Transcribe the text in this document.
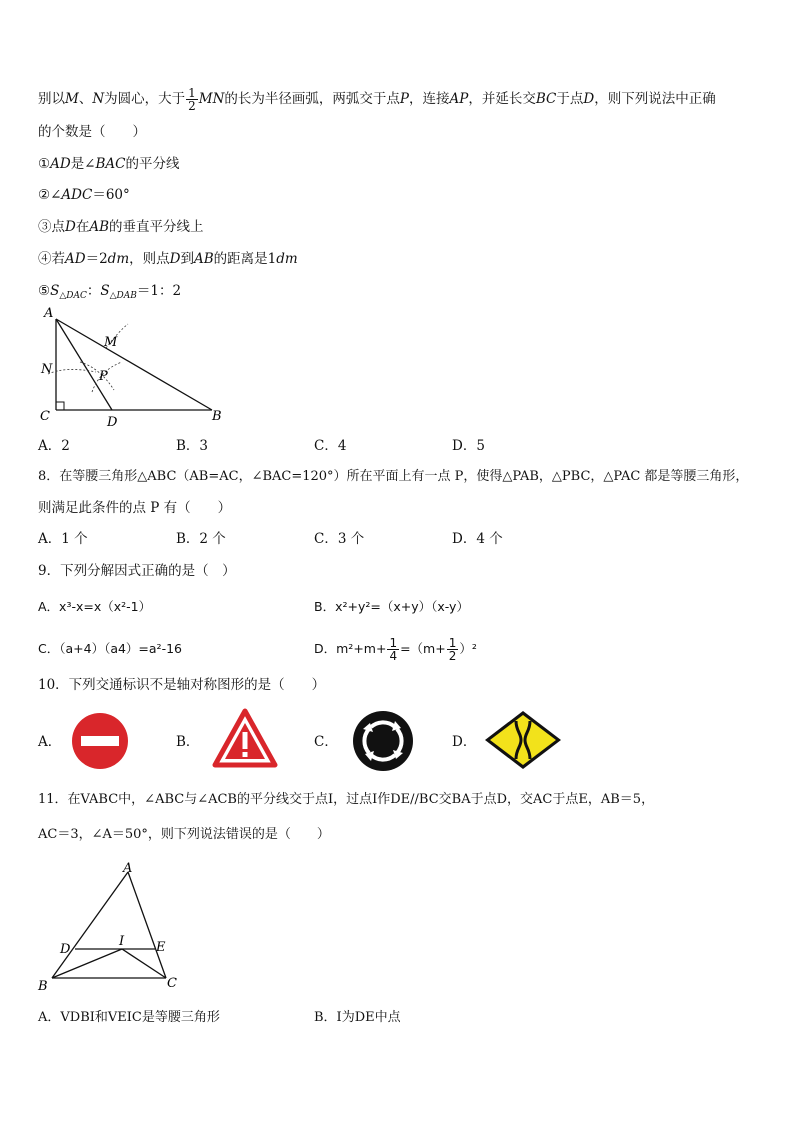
别以M、N为圆心，大于 $\frac{1}{2}$ MN的长为半径画弧，两弧交于点P，连接AP，并延长交BC于点D，则下列说法中正确
的个数是（　　）
①AD是∠BAC的平分线
②∠ADC＝60°
③点D在AB的垂直平分线上
④若AD＝2dm，则点D到AB的距离是1dm
$⑤S_{\triangle DAC}$：$S_{\triangle DAB}=1$：2
A
M
N	P
C	D	B
A．2	B．3	C．4	D．5
8．在等腰三角形△ABC（AB=AC，∠BAC=120°）所在平面上有一点 P，使得△PAB，△PBC，△PAC 都是等腰三角形，
则满足此条件的点 P 有（　　）
A．1 个	B．2 个	C．3 个	D．4 个
9．下列分解因式正确的是（　）
A．x³-x=x（x²-1）	B．x²+y²=（x+y）（x-y）
C．（a+4）（a4）=a²-16	D．$m^2+m+ \frac{1}{4} =(m+ \frac{1}{2} )^2$
10．下列交通标识不是轴对称图形的是（　　）
A．	B．	C．	D．
11．在VABC中，∠ABC与∠ACB的平分线交于点I，过点I作DE//BC交BA于点D，交AC于点E，AB＝5，
AC＝3，∠A＝50°，则下列说法错误的是（　　）
A
D
I E
B	C
A．VDBI和VEIC是等腰三角形	B．I为DE中点
